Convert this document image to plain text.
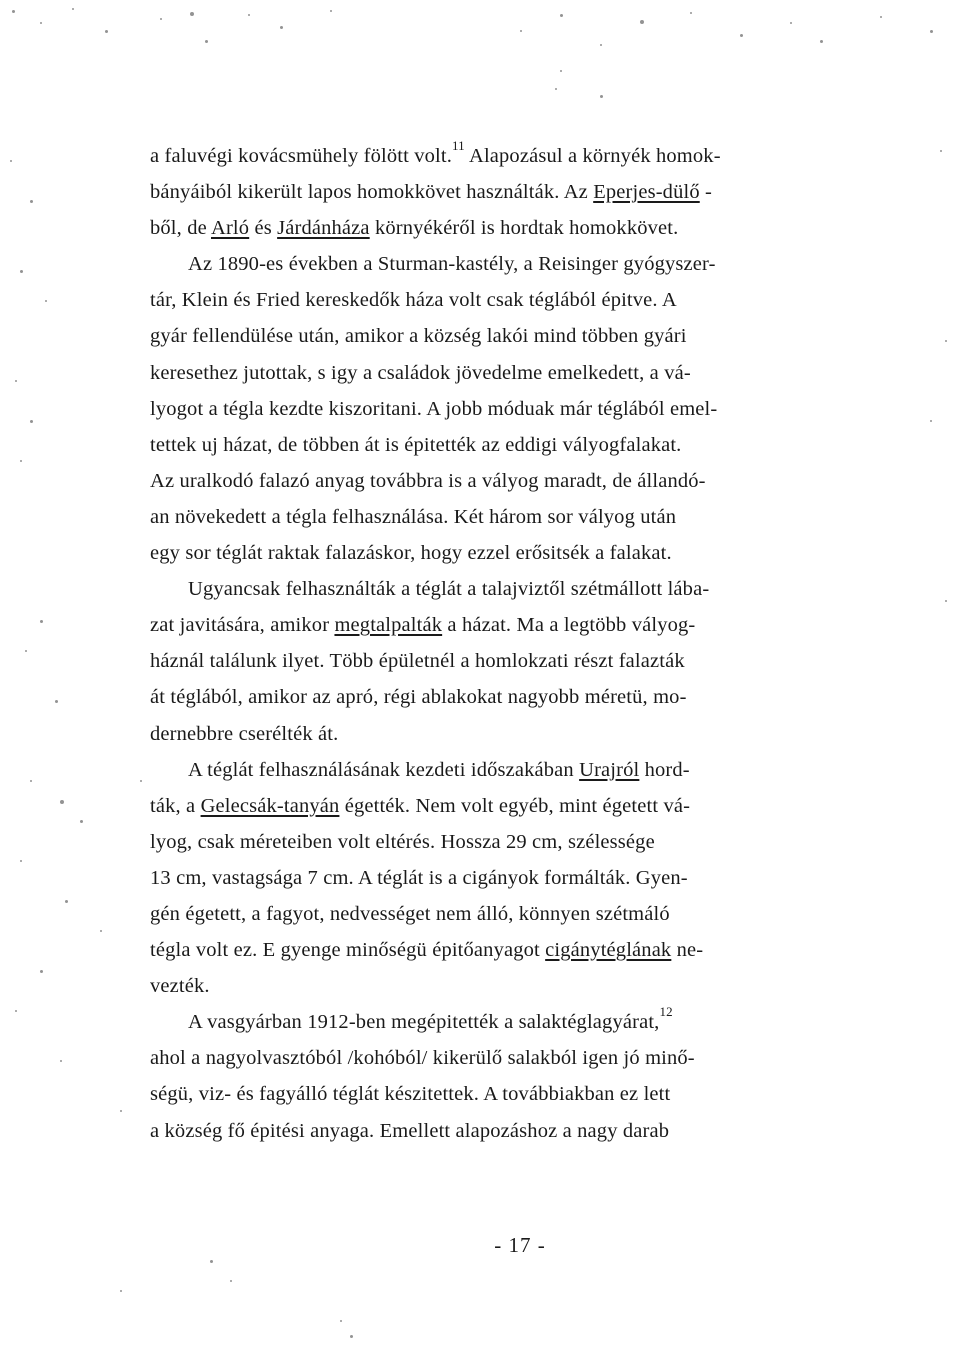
a faluvégi kovácsmühely fölött volt.$^{11}$ Alapozásul a környék homok-
bányáiból kikerült lapos homokkövet használták. Az Eperjes-dülő -
ből, de Arló és Járdánháza környékéről is hordtak homokkövet.
Az 1890-es években a Sturman-kastély, a Reisinger gyógyszer-
tár, Klein és Fried kereskedők háza volt csak téglából épitve. A
gyár fellendülése után, amikor a község lakói mind többen gyári
keresethez jutottak, s igy a családok jövedelme emelkedett, a vá-
lyogot a tégla kezdte kiszoritani. A jobb móduak már téglából emel-
tettek uj házat, de többen át is épitették az eddigi vályogfalakat.
Az uralkodó falazó anyag továbbra is a vályog maradt, de állandó-
an növekedett a tégla felhasználása. Két három sor vályog után
egy sor téglát raktak falazáskor, hogy ezzel erősitsék a falakat.
Ugyancsak felhasználták a téglát a talajviztől szétmállott lába-
zat javitására, amikor megtalpalták a házat. Ma a legtöbb vályog-
háznál találunk ilyet. Több épületnél a homlokzati részt falazták
át téglából, amikor az apró, régi ablakokat nagyobb méretü, mo-
dernebbre cserélték át.
A téglát felhasználásának kezdeti időszakában Urajról hord-
ták, a Gelecsák-tanyán égették. Nem volt egyéb, mint égetett vá-
lyog, csak méreteiben volt eltérés. Hossza 29 cm, szélessége
13 cm, vastagsága 7 cm. A téglát is a cigányok formálták. Gyen-
gén égetett, a fagyot, nedvességet nem álló, könnyen szétmáló
tégla volt ez. E gyenge minőségü épitőanyagot cigánytéglának ne-
vezték.
A vasgyárban 1912-ben megépitették a salaktéglagyárat,$^{12}$
ahol a nagyolvasztóból /kohóból/ kikerülő salakból igen jó minő-
ségü, viz- és fagyálló téglát készitettek. A továbbiakban ez lett
a község fő épitési anyaga. Emellett alapozáshoz a nagy darab
- 17 -
